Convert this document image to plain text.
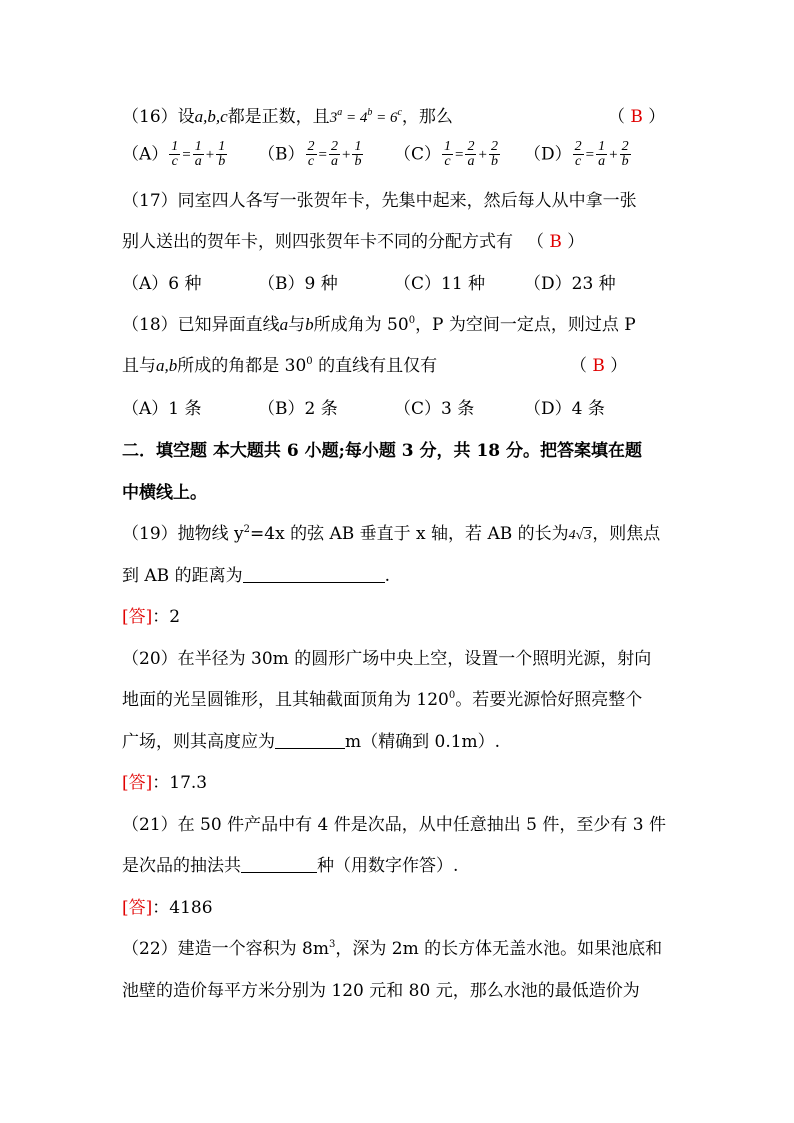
（16）设a,b,c都是正数，且$3^a = 4^b = 6^c$，那么	（ B ）
$(A) \frac{1}{c} = \frac{1}{a} + \frac{1}{b} (B) \frac{2}{c} = \frac{2}{a} + \frac{1}{b} (C) \frac{1}{c} = \frac{2}{a} + \frac{2}{b} (D) \frac{2}{c} = \frac{1}{a} + \frac{2}{b}$
（17）同室四人各写一张贺年卡，先集中起来，然后每人从中拿一张
别人送出的贺年卡，则四张贺年卡不同的分配方式有 （ B ）
（A）6 种	（B）9 种	（C）11 种 （D）23 种
（18）已知异面直线a与b所成角为 $50^0$，P 为空间一定点，则过点 P
且与a,b所成的角都是 $30^0$ 的直线有且仅有	（ B ）
（A）1 条	（B）2 条	（C）3 条	（D）4 条
二．填空题 本大题共 6 小题;每小题 3 分，共 18 分。把答案填在题
中横线上。
（19）抛物线 $y^2=4x$ 的弦 AB 垂直于 x 轴，若 AB 的长为4√3，则焦点
到 AB 的距离为	.
[答]：2
（20）在半径为 30m 的圆形广场中央上空，设置一个照明光源，射向
地面的光呈圆锥形，且其轴截面顶角为 $120^0$。若要光源恰好照亮整个
广场，则其高度应为	m（精确到 0.1m）.
[答]：17.3
（21）在 50 件产品中有 4 件是次品，从中任意抽出 5 件，至少有 3 件
是次品的抽法共	种（用数字作答）.
[答]：4186
（22）建造一个容积为 $8m^3$，深为 2m 的长方体无盖水池。如果池底和
池壁的造价每平方米分别为 120 元和 80 元，那么水池的最低造价为
